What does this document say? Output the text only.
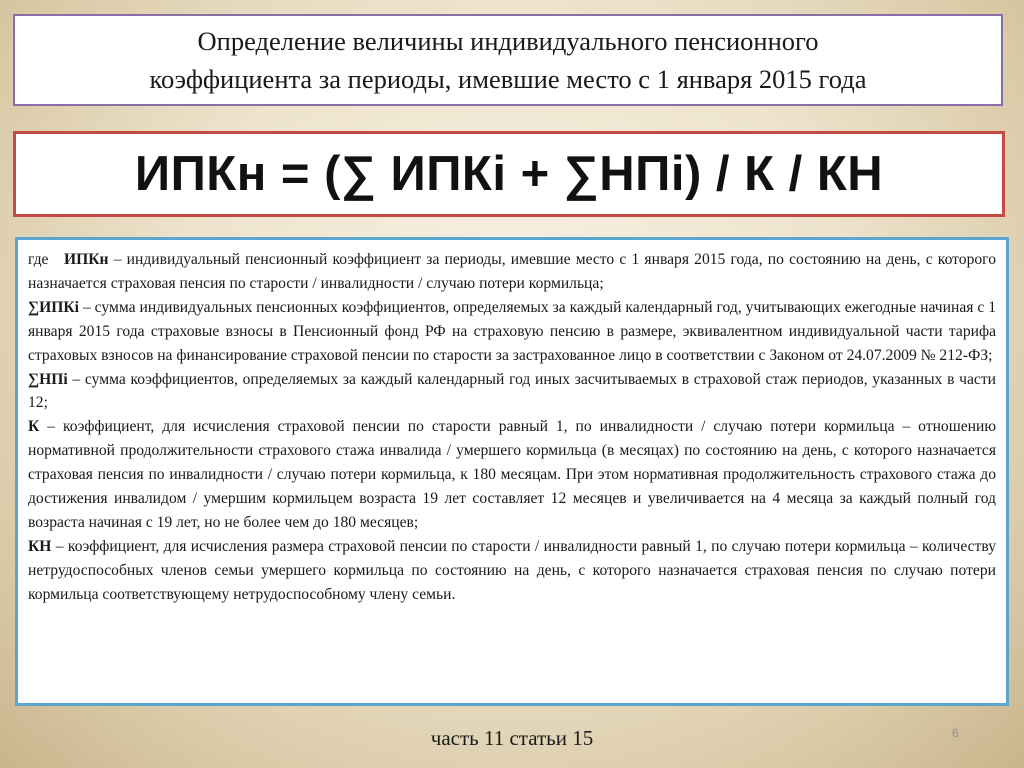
Определение величины индивидуального пенсионного
коэффициента за периоды, имевшие место с 1 января 2015 года
ИПКн = (∑ ИПКi + ∑НПi) / К / КН

где ИПКн – индивидуальный пенсионный коэффициент за периоды, имевшие место с 1 января 2015 года, по состоянию на день, с которого назначается страховая пенсия по старости / инвалидности / случаю потери кормильца;

∑ИПКi – сумма индивидуальных пенсионных коэффициентов, определяемых за каждый календарный год, учитывающих ежегодные начиная с 1 января 2015 года страховые взносы в Пенсионный фонд РФ на страховую пенсию в размере, эквивалентном индивидуальной части тарифа страховых взносов на финансирование страховой пенсии по старости за застрахованное лицо в соответствии с Законом от 24.07.2009 № 212-ФЗ;

∑НПi – сумма коэффициентов, определяемых за каждый календарный год иных засчитываемых в страховой стаж периодов, указанных в части 12;

К – коэффициент, для исчисления страховой пенсии по старости равный 1, по инвалидности / случаю потери кормильца – отношению нормативной продолжительности страхового стажа инвалида / умершего кормильца (в месяцах) по состоянию на день, с которого назначается страховая пенсия по инвалидности / случаю потери кормильца, к 180 месяцам. При этом нормативная продолжительность страхового стажа до достижения инвалидом / умершим кормильцем возраста 19 лет составляет 12 месяцев и увеличивается на 4 месяца за каждый полный год возраста начиная с 19 лет, но не более чем до 180 месяцев;

КН – коэффициент, для исчисления размера страховой пенсии по старости / инвалидности равный 1, по случаю потери кормильца – количеству нетрудоспособных членов семьи умершего кормильца по состоянию на день, с которого назначается страховая пенсия по случаю потери кормильца соответствующему нетрудоспособному члену семьи.

часть 11 статьи 15	6
